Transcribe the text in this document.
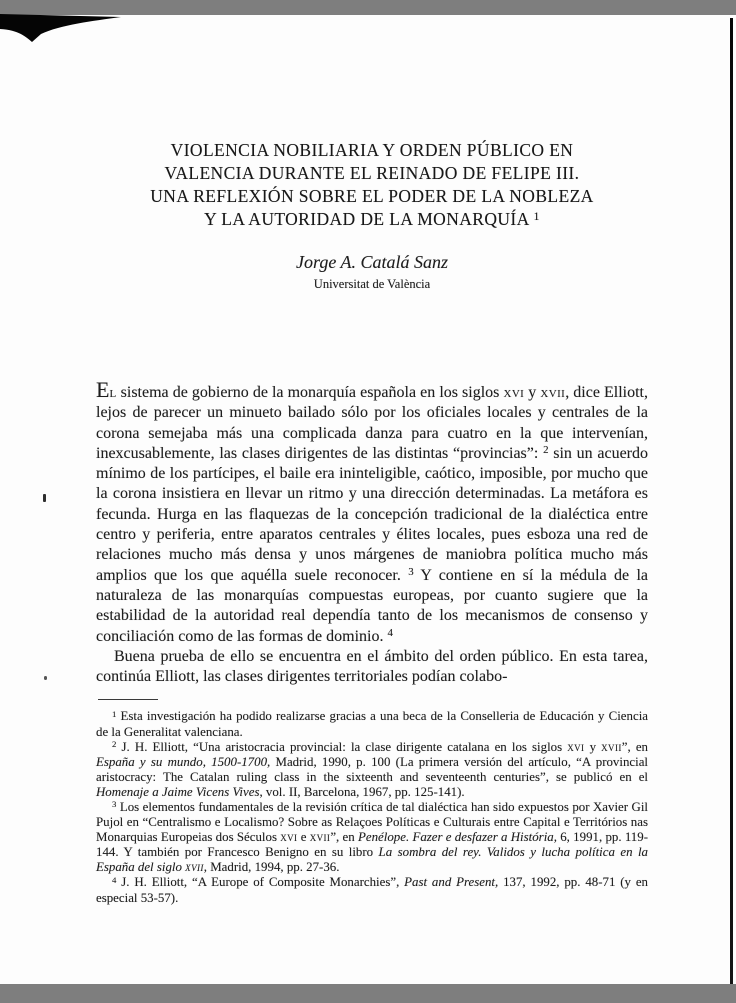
VIOLENCIA NOBILIARIA Y ORDEN PÚBLICO EN
VALENCIA DURANTE EL REINADO DE FELIPE III.
UNA REFLEXIÓN SOBRE EL PODER DE LA NOBLEZA
Y LA AUTORIDAD DE LA MONARQUÍA $^1$
Jorge A. Catalá Sanz
Universitat de València

El sistema de gobierno de la monarquía española en los siglos xvi y xvii, dice Elliott, lejos de parecer un minueto bailado sólo por los oficiales locales y centrales de la corona semejaba más una complicada danza para cuatro en la que intervenían, inexcusablemente, las clases dirigentes de las distintas “provincias”: $^2$ sin un acuerdo mínimo de los partícipes, el baile era ininteligible, caótico, imposible, por mucho que la corona insistiera en llevar un ritmo y una dirección determinadas. La metáfora es fecunda. Hurga en las flaquezas de la concepción tradicional de la dialéctica entre centro y periferia, entre aparatos centrales y élites locales, pues esboza una red de relaciones mucho más densa y unos márgenes de maniobra política mucho más amplios que los que aquélla suele reconocer. $^3$ Y contiene en sí la médula de la naturaleza de las monarquías compuestas europeas, por cuanto sugiere que la estabilidad de la autoridad real dependía tanto de los mecanismos de consenso y conciliación como de las formas de dominio. $^4$

Buena prueba de ello se encuentra en el ámbito del orden público. En esta tarea, continúa Elliott, las clases dirigentes territoriales podían colabo-

$^1$ Esta investigación ha podido realizarse gracias a una beca de la Conselleria de Educación y Ciencia de la Generalitat valenciana.

$^2$ J. H. Elliott, “Una aristocracia provincial: la clase dirigente catalana en los siglos xvi y xvii”, en España y su mundo, 1500-1700, Madrid, 1990, p. 100 (La primera versión del artículo, “A provincial aristocracy: The Catalan ruling class in the sixteenth and seventeenth centuries”, se publicó en el Homenaje a Jaime Vicens Vives, vol. II, Barcelona, 1967, pp. 125-141).

$^3$ Los elementos fundamentales de la revisión crítica de tal dialéctica han sido expuestos por Xavier Gil Pujol en “Centralismo e Localismo? Sobre as Relaçoes Políticas e Culturais entre Capital e Territórios nas Monarquias Europeias dos Séculos xvi e xvii”, en Penélope. Fazer e desfazer a História, 6, 1991, pp. 119-144. Y también por Francesco Benigno en su libro La sombra del rey. Validos y lucha política en la España del siglo xvii, Madrid, 1994, pp. 27-36.

$^4$ J. H. Elliott, “A Europe of Composite Monarchies”, Past and Present, 137, 1992, pp. 48-71 (y en especial 53-57).
